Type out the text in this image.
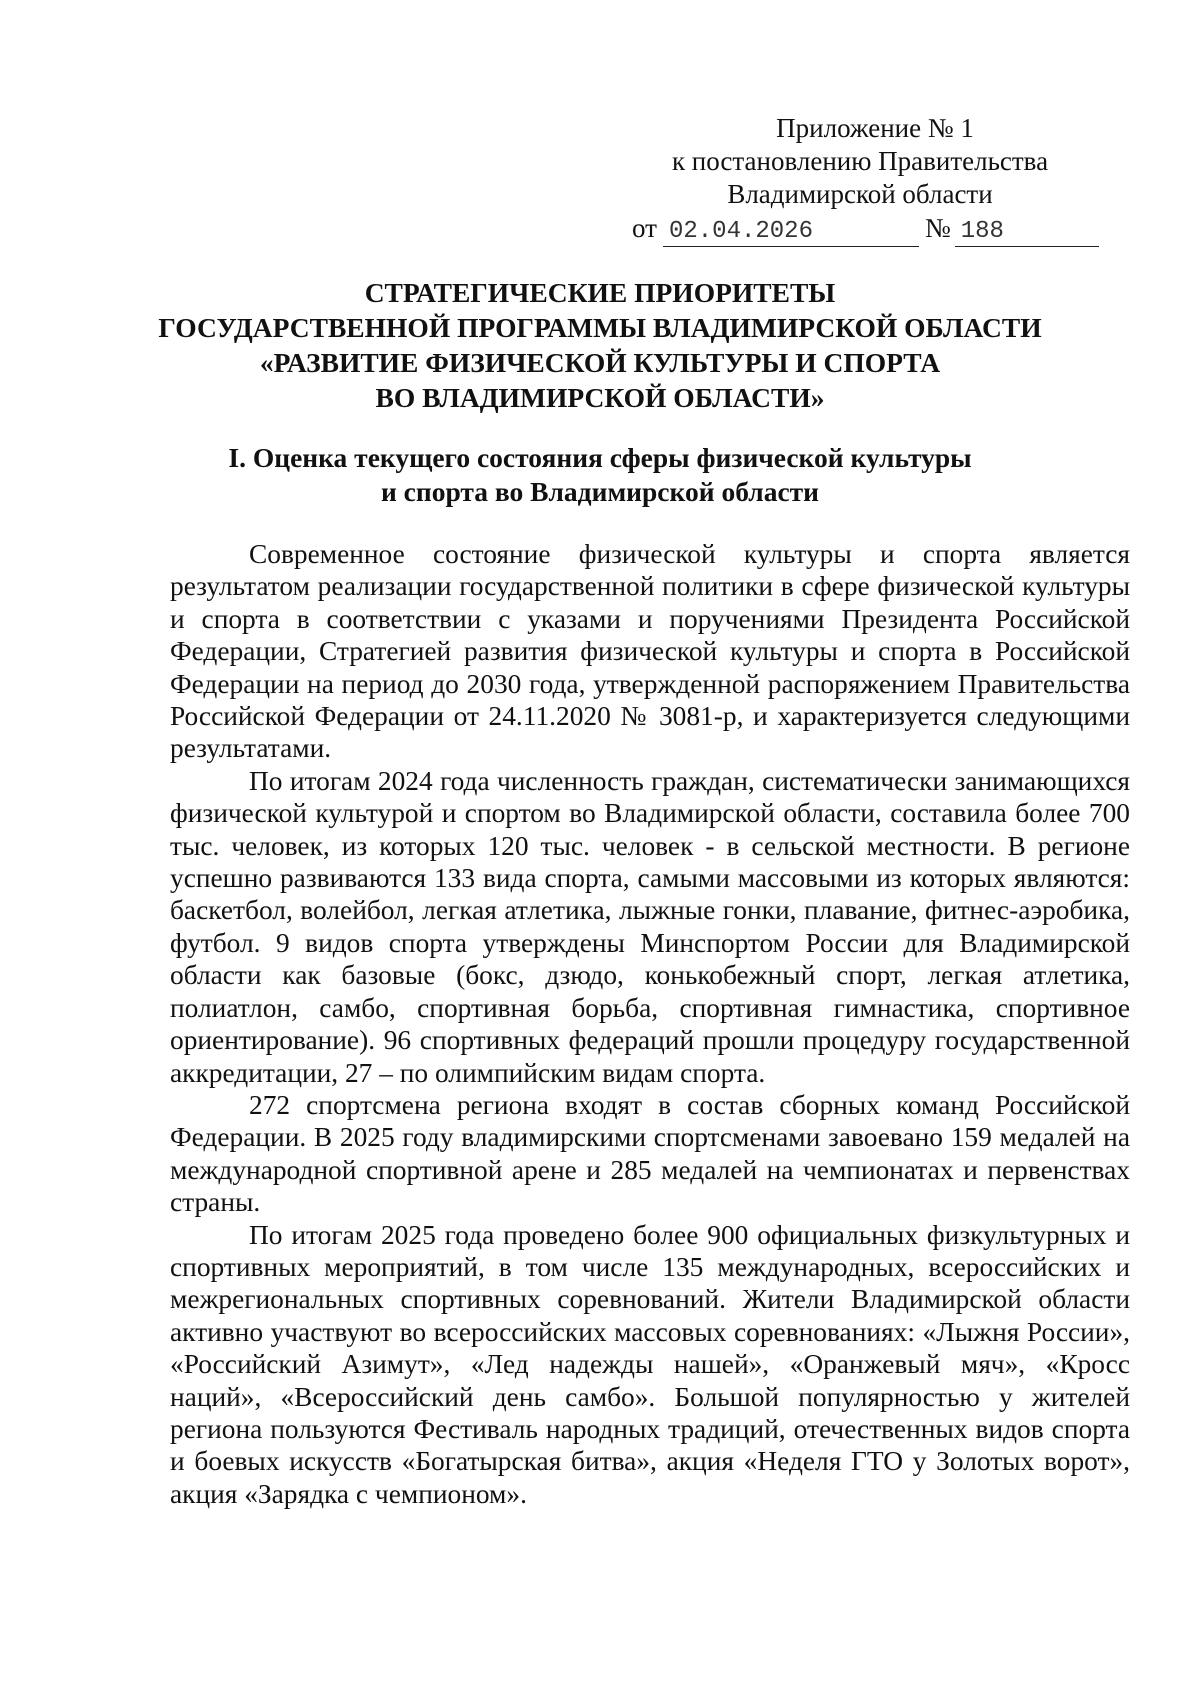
Приложение № 1
к постановлению Правительства
Владимирской области
от 02.04.2026	№ 188
СТРАТЕГИЧЕСКИЕ ПРИОРИТЕТЫ
ГОСУДАРСТВЕННОЙ ПРОГРАММЫ ВЛАДИМИРСКОЙ ОБЛАСТИ
«РАЗВИТИЕ ФИЗИЧЕСКОЙ КУЛЬТУРЫ И СПОРТА
ВО ВЛАДИМИРСКОЙ ОБЛАСТИ»
I. Оценка текущего состояния сферы физической культуры
и спорта во Владимирской области

Современное состояние физической культуры и спорта является результатом реализации государственной политики в сфере физической культуры и спорта в соответствии с указами и поручениями Президента Российской Федерации, Стратегией развития физической культуры и спорта в Российской Федерации на период до 2030 года, утвержденной распоряжением Правительства Российской Федерации от 24.11.2020 № 3081-р, и характеризуется следующими результатами.

По итогам 2024 года численность граждан, систематически занимающихся физической культурой и спортом во Владимирской области, составила более 700 тыс. человек, из которых 120 тыс. человек - в сельской местности. В регионе успешно развиваются 133 вида спорта, самыми массовыми из которых являются: баскетбол, волейбол, легкая атлетика, лыжные гонки, плавание, фитнес-аэробика, футбол. 9 видов спорта утверждены Минспортом России для Владимирской области как базовые (бокс, дзюдо, конькобежный спорт, легкая атлетика, полиатлон, самбо, спортивная борьба, спортивная гимнастика, спортивное ориентирование). 96 спортивных федераций прошли процедуру государственной аккредитации, 27 – по олимпийским видам спорта.

272 спортсмена региона входят в состав сборных команд Российской Федерации. В 2025 году владимирскими спортсменами завоевано 159 медалей на международной спортивной арене и 285 медалей на чемпионатах и первенствах страны.

По итогам 2025 года проведено более 900 официальных физкультурных и спортивных мероприятий, в том числе 135 международных, всероссийских и межрегиональных спортивных соревнований. Жители Владимирской области активно участвуют во всероссийских массовых соревнованиях: «Лыжня России», «Российский Азимут», «Лед надежды нашей», «Оранжевый мяч», «Кросс наций», «Всероссийский день самбо». Большой популярностью у жителей региона пользуются Фестиваль народных традиций, отечественных видов спорта и боевых искусств «Богатырская битва», акция «Неделя ГТО у Золотых ворот», акция «Зарядка с чемпионом».
